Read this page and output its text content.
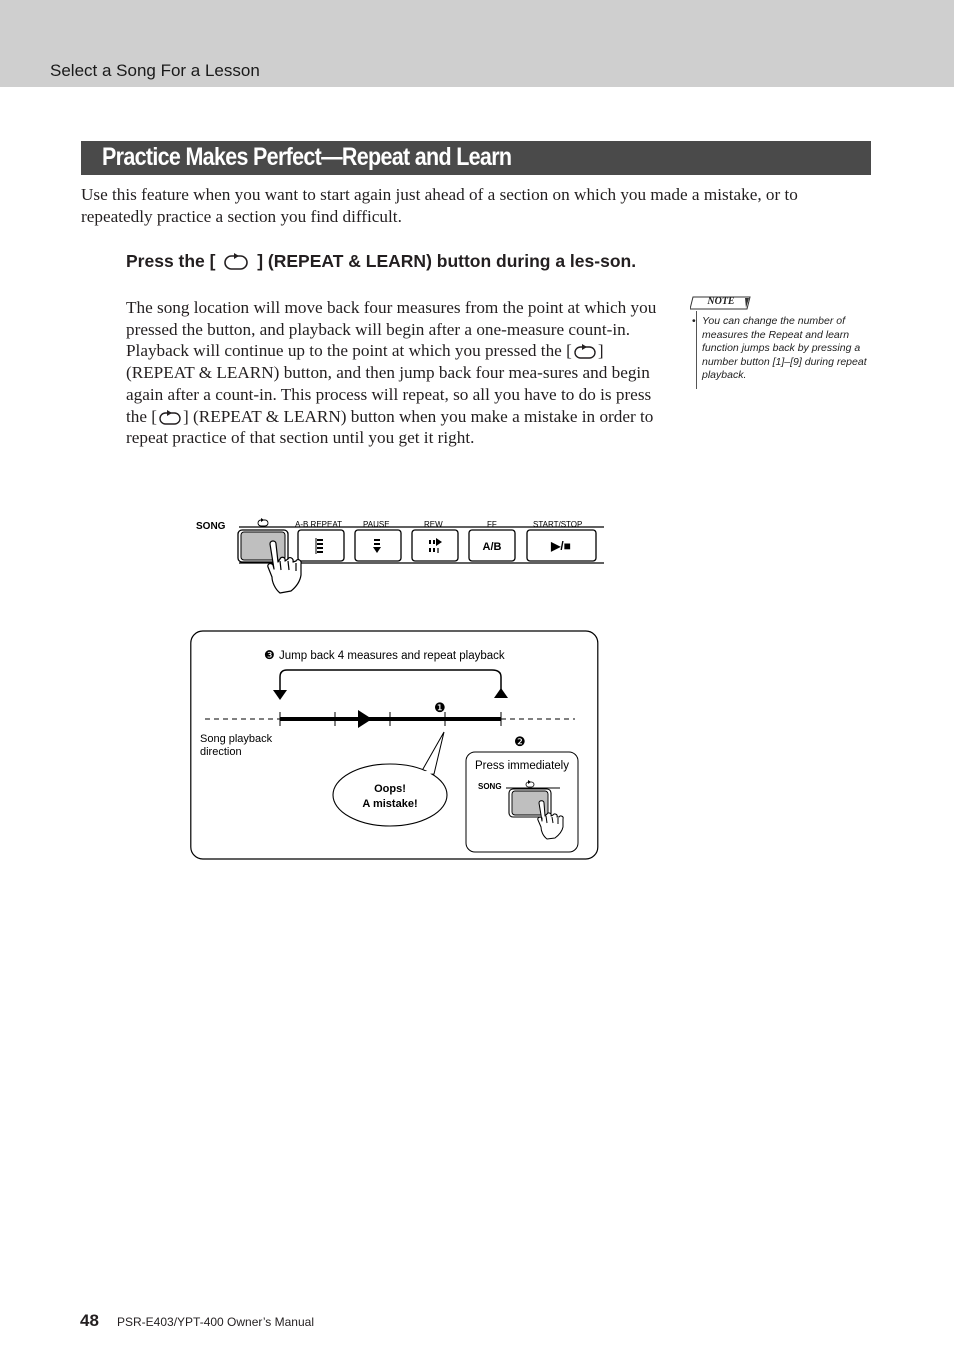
Select a Song For a Lesson
Practice Makes Perfect—Repeat and Learn
Use this feature when you want to start again just ahead of a section on which you made a mistake, or to repeatedly practice a section you find difficult.
Press the [ ] (REPEAT & LEARN) button during a les-son.
The song location will move back four measures from the point at which you pressed the button, and playback will begin after a one-measure count-in. Playback will continue up to the point at which you pressed the [ ] (REPEAT & LEARN) button, and then jump back four mea-sures and begin again after a count-in. This process will repeat, so all you have to do is press the [ ] (REPEAT & LEARN) button when you make a mistake in order to repeat practice of that section until you get it right.
NOTE
• You can change the number of measures the Repeat and learn function jumps back by pressing a number button [1]–[9] during repeat playback.
SONG	A-B REPEAT	PAUSE	REW	FF	START/STOP
A/B	▶/■
❸ Jump back 4 measures and repeat playback
❶
❷
Song playback
direction
Oops!
A mistake!
Press immediately
SONG
48 PSR-E403/YPT-400 Owner’s Manual
